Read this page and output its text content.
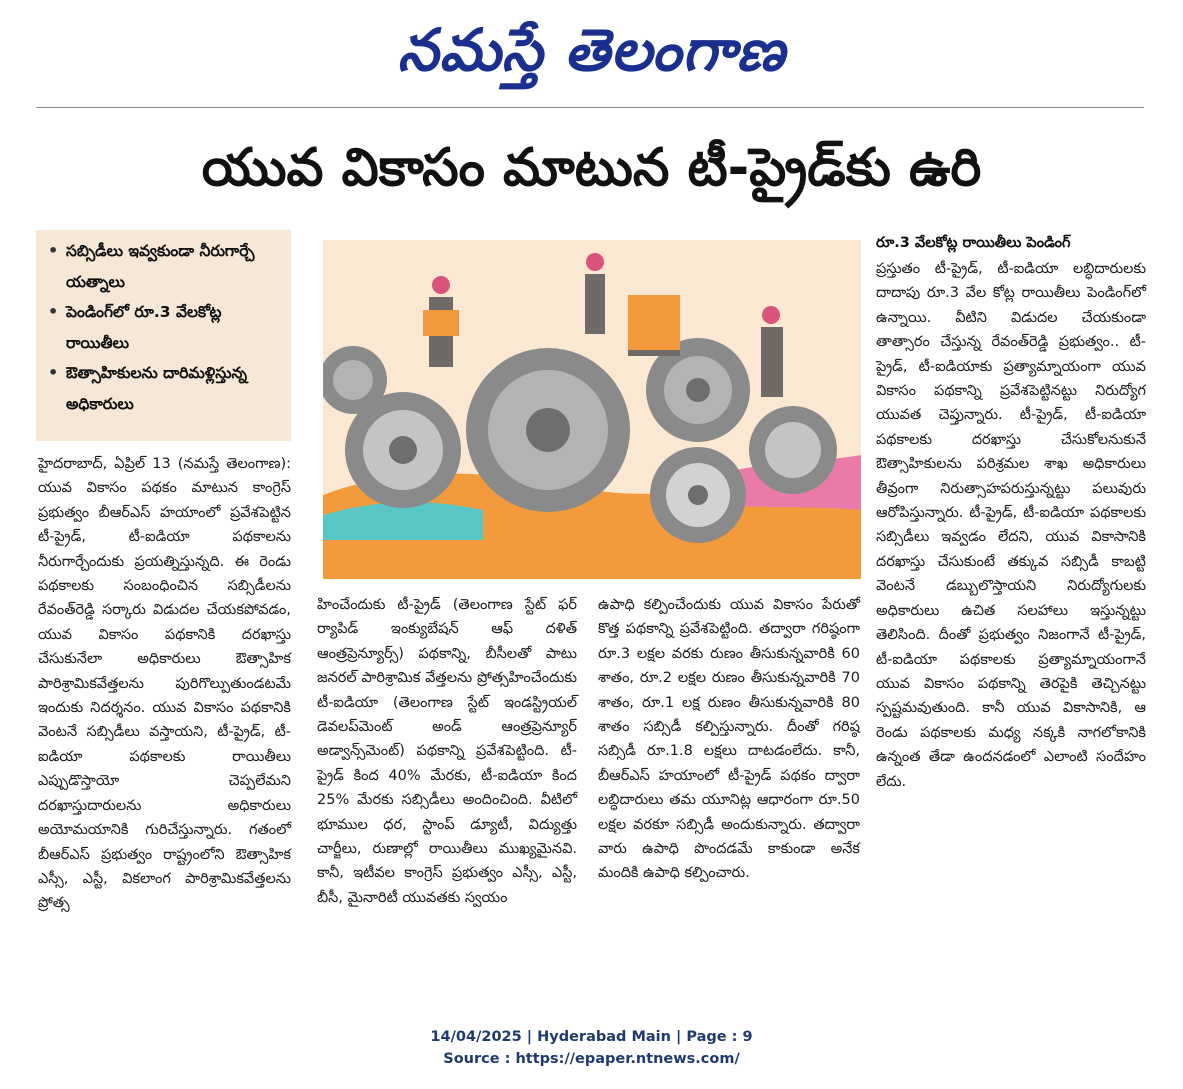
నమస్తే తెలంగాణ
యువ వికాసం మాటున టీ-ప్రైడ్‌కు ఉరి
• సబ్సిడీలు ఇవ్వకుండా నీరుగార్చే యత్నాలు
• పెండింగ్‌లో రూ.3 వేలకోట్ల రాయితీలు
• ఔత్సాహికులను దారిమళ్లిస్తున్న అధికారులు
రూ.3 వేలకోట్ల రాయితీలు పెండింగ్

హైదరాబాద్, ఏప్రిల్ 13 (నమస్తే తెలంగాణ): యువ వికాసం పథకం మాటున కాంగ్రెస్ ప్రభుత్వం బీఆర్ఎస్ హయాంలో ప్రవేశపెట్టిన టీ-ప్రైడ్, టీ-ఐడియా పథకాలను నీరుగార్చేందుకు ప్రయత్నిస్తున్నది. ఈ రెండు పథకాలకు సంబంధించిన సబ్సిడీలను రేవంత్‌రెడ్డి సర్కారు విడుదల చేయకపోవడం, యువ వికాసం పథకానికి దరఖాస్తు చేసుకునేలా అధికారులు ఔత్సాహిక పారిశ్రామికవేత్తలను పురిగొల్పుతుండటమే ఇందుకు నిదర్శనం. యువ వికాసం పథకానికి వెంటనే సబ్సిడీలు వస్తాయని, టీ-ప్రైడ్, టీ-ఐడియా పథకాలకు రాయితీలు ఎప్పుడొస్తాయో చెప్పలేమని దరఖాస్తుదారులను అధికారులు అయోమయానికి గురిచేస్తున్నారు. గతంలో బీఆర్ఎస్ ప్రభుత్వం రాష్ట్రంలోని ఔత్సాహిక ఎస్సీ, ఎస్టీ, వికలాంగ పారిశ్రామికవేత్తలను ప్రోత్స

హించేందుకు టీ-ప్రైడ్ (తెలంగాణ స్టేట్ ఫర్ ర్యాపిడ్ ఇంక్యుబేషన్ ఆఫ్ దళిత్ ఆంత్రప్రెన్యూర్స్) పథకాన్ని, బీసీలతో పాటు జనరల్ పారిశ్రామిక వేత్తలను ప్రోత్సహించేందుకు టీ-ఐడియా (తెలంగాణ స్టేట్ ఇండస్ట్రియల్ డెవలప్‌మెంట్ అండ్ ఆంత్రప్రెన్యూర్ అడ్వాన్స్‌మెంట్) పథకాన్ని ప్రవేశపెట్టింది. టీ-ప్రైడ్ కింద 40% మేరకు, టీ-ఐడియా కింద 25% మేరకు సబ్సిడీలు అందించింది. వీటిలో భూముల ధర, స్టాంప్ డ్యూటీ, విద్యుత్తు చార్జీలు, రుణాల్లో రాయితీలు ముఖ్యమైనవి. కానీ, ఇటీవల కాంగ్రెస్ ప్రభుత్వం ఎస్సీ, ఎస్టీ, బీసీ, మైనారిటీ యువతకు స్వయం

ఉపాధి కల్పించేందుకు యువ వికాసం పేరుతో కొత్త పథకాన్ని ప్రవేశపెట్టింది. తద్వారా గరిష్ఠంగా రూ.3 లక్షల వరకు రుణం తీసుకున్నవారికి 60 శాతం, రూ.2 లక్షల రుణం తీసుకున్నవారికి 70 శాతం, రూ.1 లక్ష రుణం తీసుకున్నవారికి 80 శాతం సబ్సిడీ కల్పిస్తున్నారు. దీంతో గరిష్ఠ సబ్సిడీ రూ.1.8 లక్షలు దాటడంలేదు. కానీ, బీఆర్ఎస్ హయాంలో టీ-ప్రైడ్ పథకం ద్వారా లబ్ధిదారులు తమ యూనిట్ల ఆధారంగా రూ.50 లక్షల వరకూ సబ్సిడీ అందుకున్నారు. తద్వారా వారు ఉపాధి పొందడమే కాకుండా అనేక మందికి ఉపాధి కల్పించారు.

ప్రస్తుతం టీ-ప్రైడ్, టీ-ఐడియా లబ్ధిదారులకు దాదాపు రూ.3 వేల కోట్ల రాయితీలు పెండింగ్‌లో ఉన్నాయి. వీటిని విడుదల చేయకుండా తాత్సారం చేస్తున్న రేవంత్‌రెడ్డి ప్రభుత్వం.. టీ-ప్రైడ్, టీ-ఐడియాకు ప్రత్యామ్నాయంగా యువ వికాసం పథకాన్ని ప్రవేశపెట్టినట్టు నిరుద్యోగ యువత చెప్తున్నారు. టీ-ప్రైడ్, టీ-ఐడియా పథకాలకు దరఖాస్తు చేసుకోలనుకునే ఔత్సాహికులను పరిశ్రమల శాఖ అధికారులు తీవ్రంగా నిరుత్సాహపరుస్తున్నట్టు పలువురు ఆరోపిస్తున్నారు. టీ-ప్రైడ్, టీ-ఐడియా పథకాలకు సబ్సిడీలు ఇవ్వడం లేదని, యువ వికాసానికి దరఖాస్తు చేసుకుంటే తక్కువ సబ్సిడీ కాబట్టి వెంటనే డబ్బులొస్తాయని నిరుద్యోగులకు అధికారులు ఉచిత సలహాలు ఇస్తున్నట్టు తెలిసింది. దీంతో ప్రభుత్వం నిజంగానే టీ-ప్రైడ్, టీ-ఐడియా పథకాలకు ప్రత్యామ్నాయంగానే యువ వికాసం పథకాన్ని తెరపైకి తెచ్చినట్టు స్పష్టమవుతుంది. కానీ యువ వికాసానికి, ఆ రెండు పథకాలకు మధ్య నక్కకి నాగలోకానికి ఉన్నంత తేడా ఉందనడంలో ఎలాంటి సందేహం లేదు.

14/04/2025 | Hyderabad Main | Page : 9
Source : https://epaper.ntnews.com/
